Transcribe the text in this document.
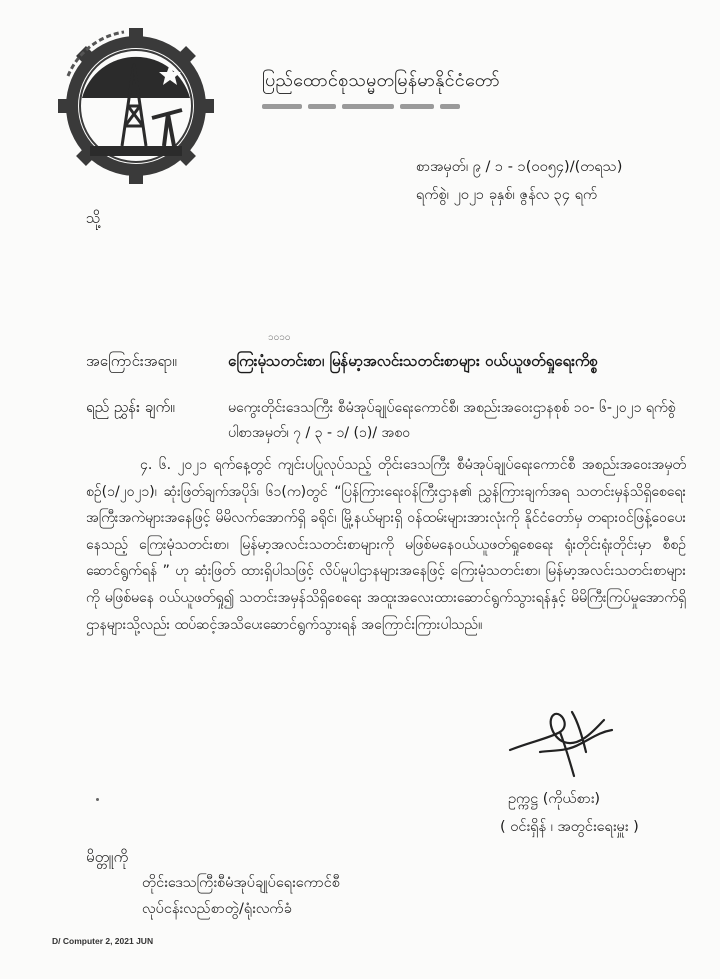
ပြည်ထောင်စုသမ္မတမြန်မာနိုင်ငံတော်
စာအမှတ်၊ ၉ / ၁ - ၁(၀၀၅၄)/(တရသ)
ရက်စွဲ၊ ၂၀၂၁ ခုနှစ်၊ ဇွန်လ ၃၄ ရက်
သို့
၁၀၁၀
အကြောင်းအရာ။	ကြေးမုံသတင်းစာ၊ မြန်မာ့အလင်းသတင်းစာများ ဝယ်ယူဖတ်ရှုရေးကိစ္စ
ရည် ညွှန်း ချက်။	မကွေးတိုင်းဒေသကြီး စီမံအုပ်ချုပ်ရေးကောင်စီ၊ အစည်းအဝေးဌာနစုစ် ၁၀- ၆-၂၀၂၁ ရက်စွဲပါစာအမှတ်၊ ၇ / ၃ - ၁/ (၁)/ အစဝ

၄. ၆. ၂၀၂၁ ရက်နေ့တွင် ကျင်းပပြုလုပ်သည့် တိုင်းဒေသကြီး စီမံအုပ်ချုပ်ရေးကောင်စီ အစည်းအဝေးအမှတ်စဉ်(၁/၂၀၂၁)၊ ဆုံးဖြတ်ချက်အပိုဒ်၊ ၆၁(က)တွင် “ပြန်ကြားရေးဝန်ကြီးဌာန၏ ညွှန်ကြားချက်အရ သတင်းမှန်သိရှိစေရေး အကြီးအကဲများအနေဖြင့် မိမိလက်အောက်ရှိ ခရိုင်၊ မြို့နယ်များရှိ ဝန်ထမ်းများအားလုံးကို နိုင်ငံတော်မှ တရားဝင်ဖြန့်ဝေပေးနေသည့် ကြေးမုံသတင်းစာ၊ မြန်မာ့အလင်းသတင်းစာများကို မဖြစ်မနေဝယ်ယူဖတ်ရှုစေရေး ရုံးတိုင်းရုံးတိုင်းမှာ စီစဉ်ဆောင်ရွက်ရန် ” ဟု ဆုံးဖြတ် ထားရှိပါသဖြင့် လိပ်မူပါဌာနများအနေဖြင့် ကြေးမုံသတင်းစာ၊ မြန်မာ့အလင်းသတင်းစာများကို မဖြစ်မနေ ဝယ်ယူဖတ်ရှု၍ သတင်းအမှန်သိရှိစေရေး အထူးအလေးထားဆောင်ရွက်သွားရန်နှင့် မိမိကြီးကြပ်မှုအောက်ရှိ ဌာနများသို့လည်း ထပ်ဆင့်အသိပေးဆောင်ရွက်သွားရန် အကြောင်းကြားပါသည်။

ဥက္ကဋ္ဌ (ကိုယ်စား)
( ဝင်းရှိန် ၊ အတွင်းရေးမှူး )
မိတ္တူကို
တိုင်းဒေသကြီးစီမံအုပ်ချုပ်ရေးကောင်စီ
လုပ်ငန်းလည်စာတွဲ/ရုံးလက်ခံ
D/ Computer 2, 2021 JUN
